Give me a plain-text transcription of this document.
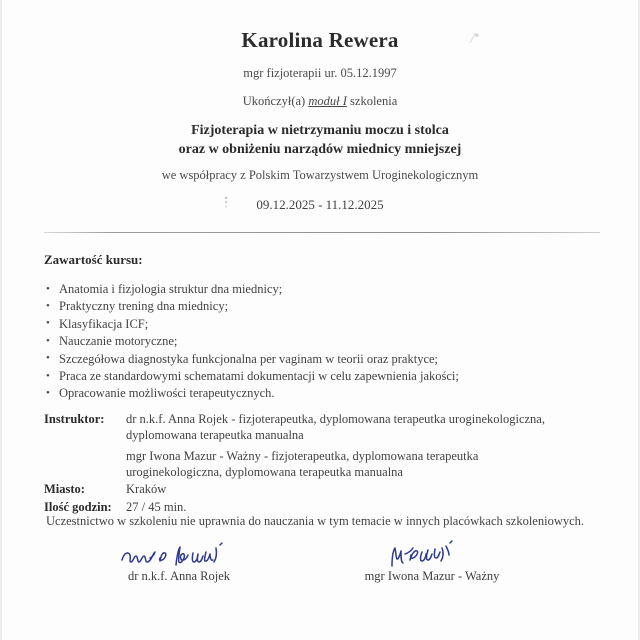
Karolina Rewera
mgr fizjoterapii ur. 05.12.1997
Ukończył(a) moduł I szkolenia
Fizjoterapia w nietrzymaniu moczu i stolca
oraz w obniżeniu narządów miednicy mniejszej
we współpracy z Polskim Towarzystwem Uroginekologicznym
09.12.2025 - 11.12.2025
Zawartość kursu:
• Anatomia i fizjologia struktur dna miednicy;
• Praktyczny trening dna miednicy;
• Klasyfikacja ICF;
• Nauczanie motoryczne;
• Szczegółowa diagnostyka funkcjonalna per vaginam w teorii oraz praktyce;
• Praca ze standardowymi schematami dokumentacji w celu zapewnienia jakości;
• Opracowanie możliwości terapeutycznych.
Instruktor:	dr n.k.f. Anna Rojek - fizjoterapeutka, dyplomowana terapeutka uroginekologiczna,
dyplomowana terapeutka manualna
mgr Iwona Mazur - Ważny - fizjoterapeutka, dyplomowana terapeutka
uroginekologiczna, dyplomowana terapeutka manualna
Miasto:	Kraków
Ilość godzin:	27 / 45 min.
Uczestnictwo w szkoleniu nie uprawnia do nauczania w tym temacie w innych placówkach szkoleniowych.
dr n.k.f. Anna Rojek	mgr Iwona Mazur - Ważny
